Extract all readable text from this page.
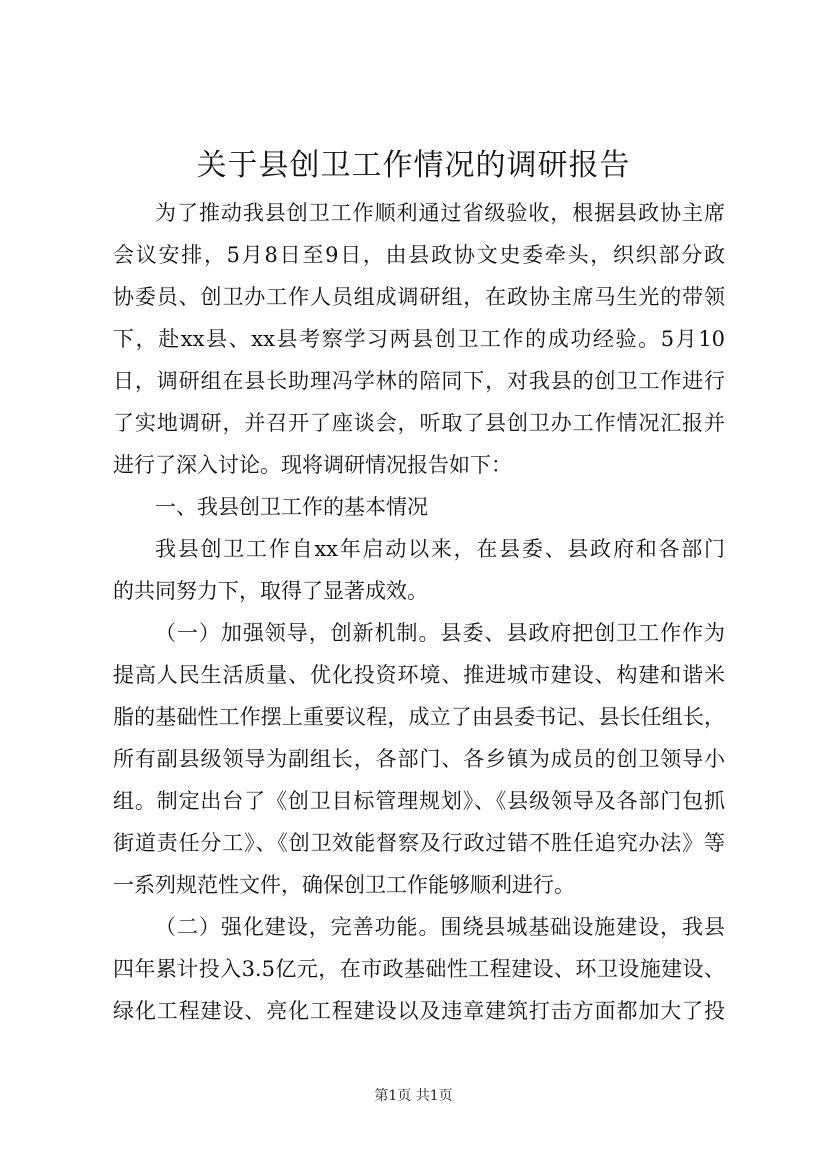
关于县创卫工作情况的调研报告
为了推动我县创卫工作顺利通过省级验收，根据县政协主席
会议安排，5月8日至9日，由县政协文史委牵头，织织部分政
协委员、创卫办工作人员组成调研组，在政协主席马生光的带领
下，赴xx县、xx县考察学习两县创卫工作的成功经验。5月10
日，调研组在县长助理冯学林的陪同下，对我县的创卫工作进行
了实地调研，并召开了座谈会，听取了县创卫办工作情况汇报并
进行了深入讨论。现将调研情况报告如下：
一、我县创卫工作的基本情况
我县创卫工作自xx年启动以来，在县委、县政府和各部门
的共同努力下，取得了显著成效。
（一）加强领导，创新机制。县委、县政府把创卫工作作为
提高人民生活质量、优化投资环境、推进城市建设、构建和谐米
脂的基础性工作摆上重要议程，成立了由县委书记、县长任组长，
所有副县级领导为副组长，各部门、各乡镇为成员的创卫领导小
组。制定出台了《创卫目标管理规划》、《县级领导及各部门包抓
街道责任分工》、《创卫效能督察及行政过错不胜任追究办法》等
一系列规范性文件，确保创卫工作能够顺利进行。
（二）强化建设，完善功能。围绕县城基础设施建设，我县
四年累计投入3.5亿元，在市政基础性工程建设、环卫设施建设、
绿化工程建设、亮化工程建设以及违章建筑打击方面都加大了投
第1页 共1页
